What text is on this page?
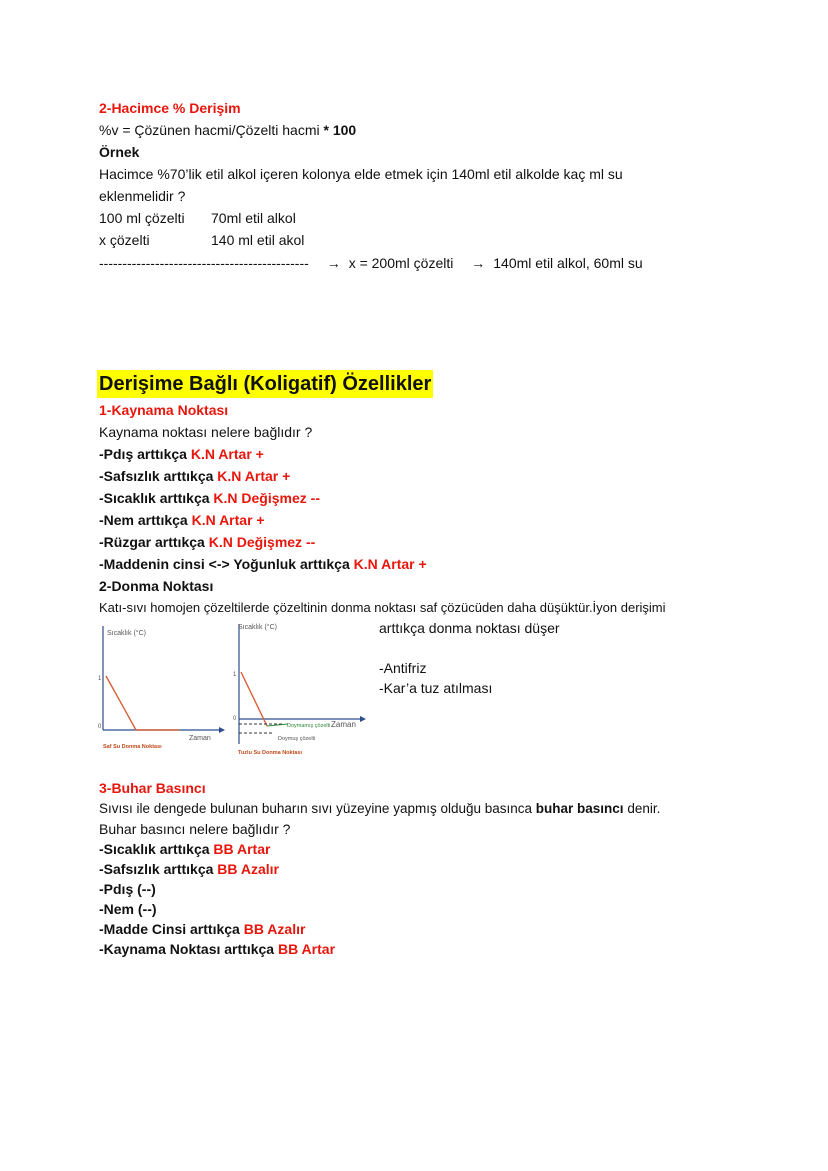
2-Hacimce % Derişim
%v = Çözünen hacmi/Çözelti hacmi * 100
Örnek
Hacimce %70’lik etil alkol içeren kolonya elde etmek için 140ml etil alkolde kaç ml su
eklenmelidir ?
100 ml çözelti 70ml etil alkol
x çözelti	140 ml etil akol
--------------------------------------------- → x = 200ml çözelti → 140ml etil alkol, 60ml su
Derişime Bağlı (Koligatif) Özellikler
1-Kaynama Noktası
Kaynama noktası nelere bağlıdır ?
-Pdış arttıkça K.N Artar +
-Safsızlık arttıkça K.N Artar +
-Sıcaklık arttıkça K.N Değişmez --
-Nem arttıkça K.N Artar +
-Rüzgar arttıkça K.N Değişmez --
-Maddenin cinsi <-> Yoğunluk arttıkça K.N Artar +
2-Donma Noktası
Katı-sıvı homojen çözeltilerde çözeltinin donma noktası saf çözücüden daha düşüktür.İyon derişimi
arttıkça donma noktası düşer
-Antifriz
-Kar’a tuz atılması
Sıcaklık (°C)
1
0
Zaman
Saf Su Donma Noktası
Sıcaklık (°C)
1
0
Doymamış çözelti Zaman
Doymuş çözelti
Tuzlu Su Donma Noktası
3-Buhar Basıncı
Sıvısı ile dengede bulunan buharın sıvı yüzeyine yapmış olduğu basınca buhar basıncı denir.
Buhar basıncı nelere bağlıdır ?
-Sıcaklık arttıkça BB Artar
-Safsızlık arttıkça BB Azalır
-Pdış (--)
-Nem (--)
-Madde Cinsi arttıkça BB Azalır
-Kaynama Noktası arttıkça BB Artar
